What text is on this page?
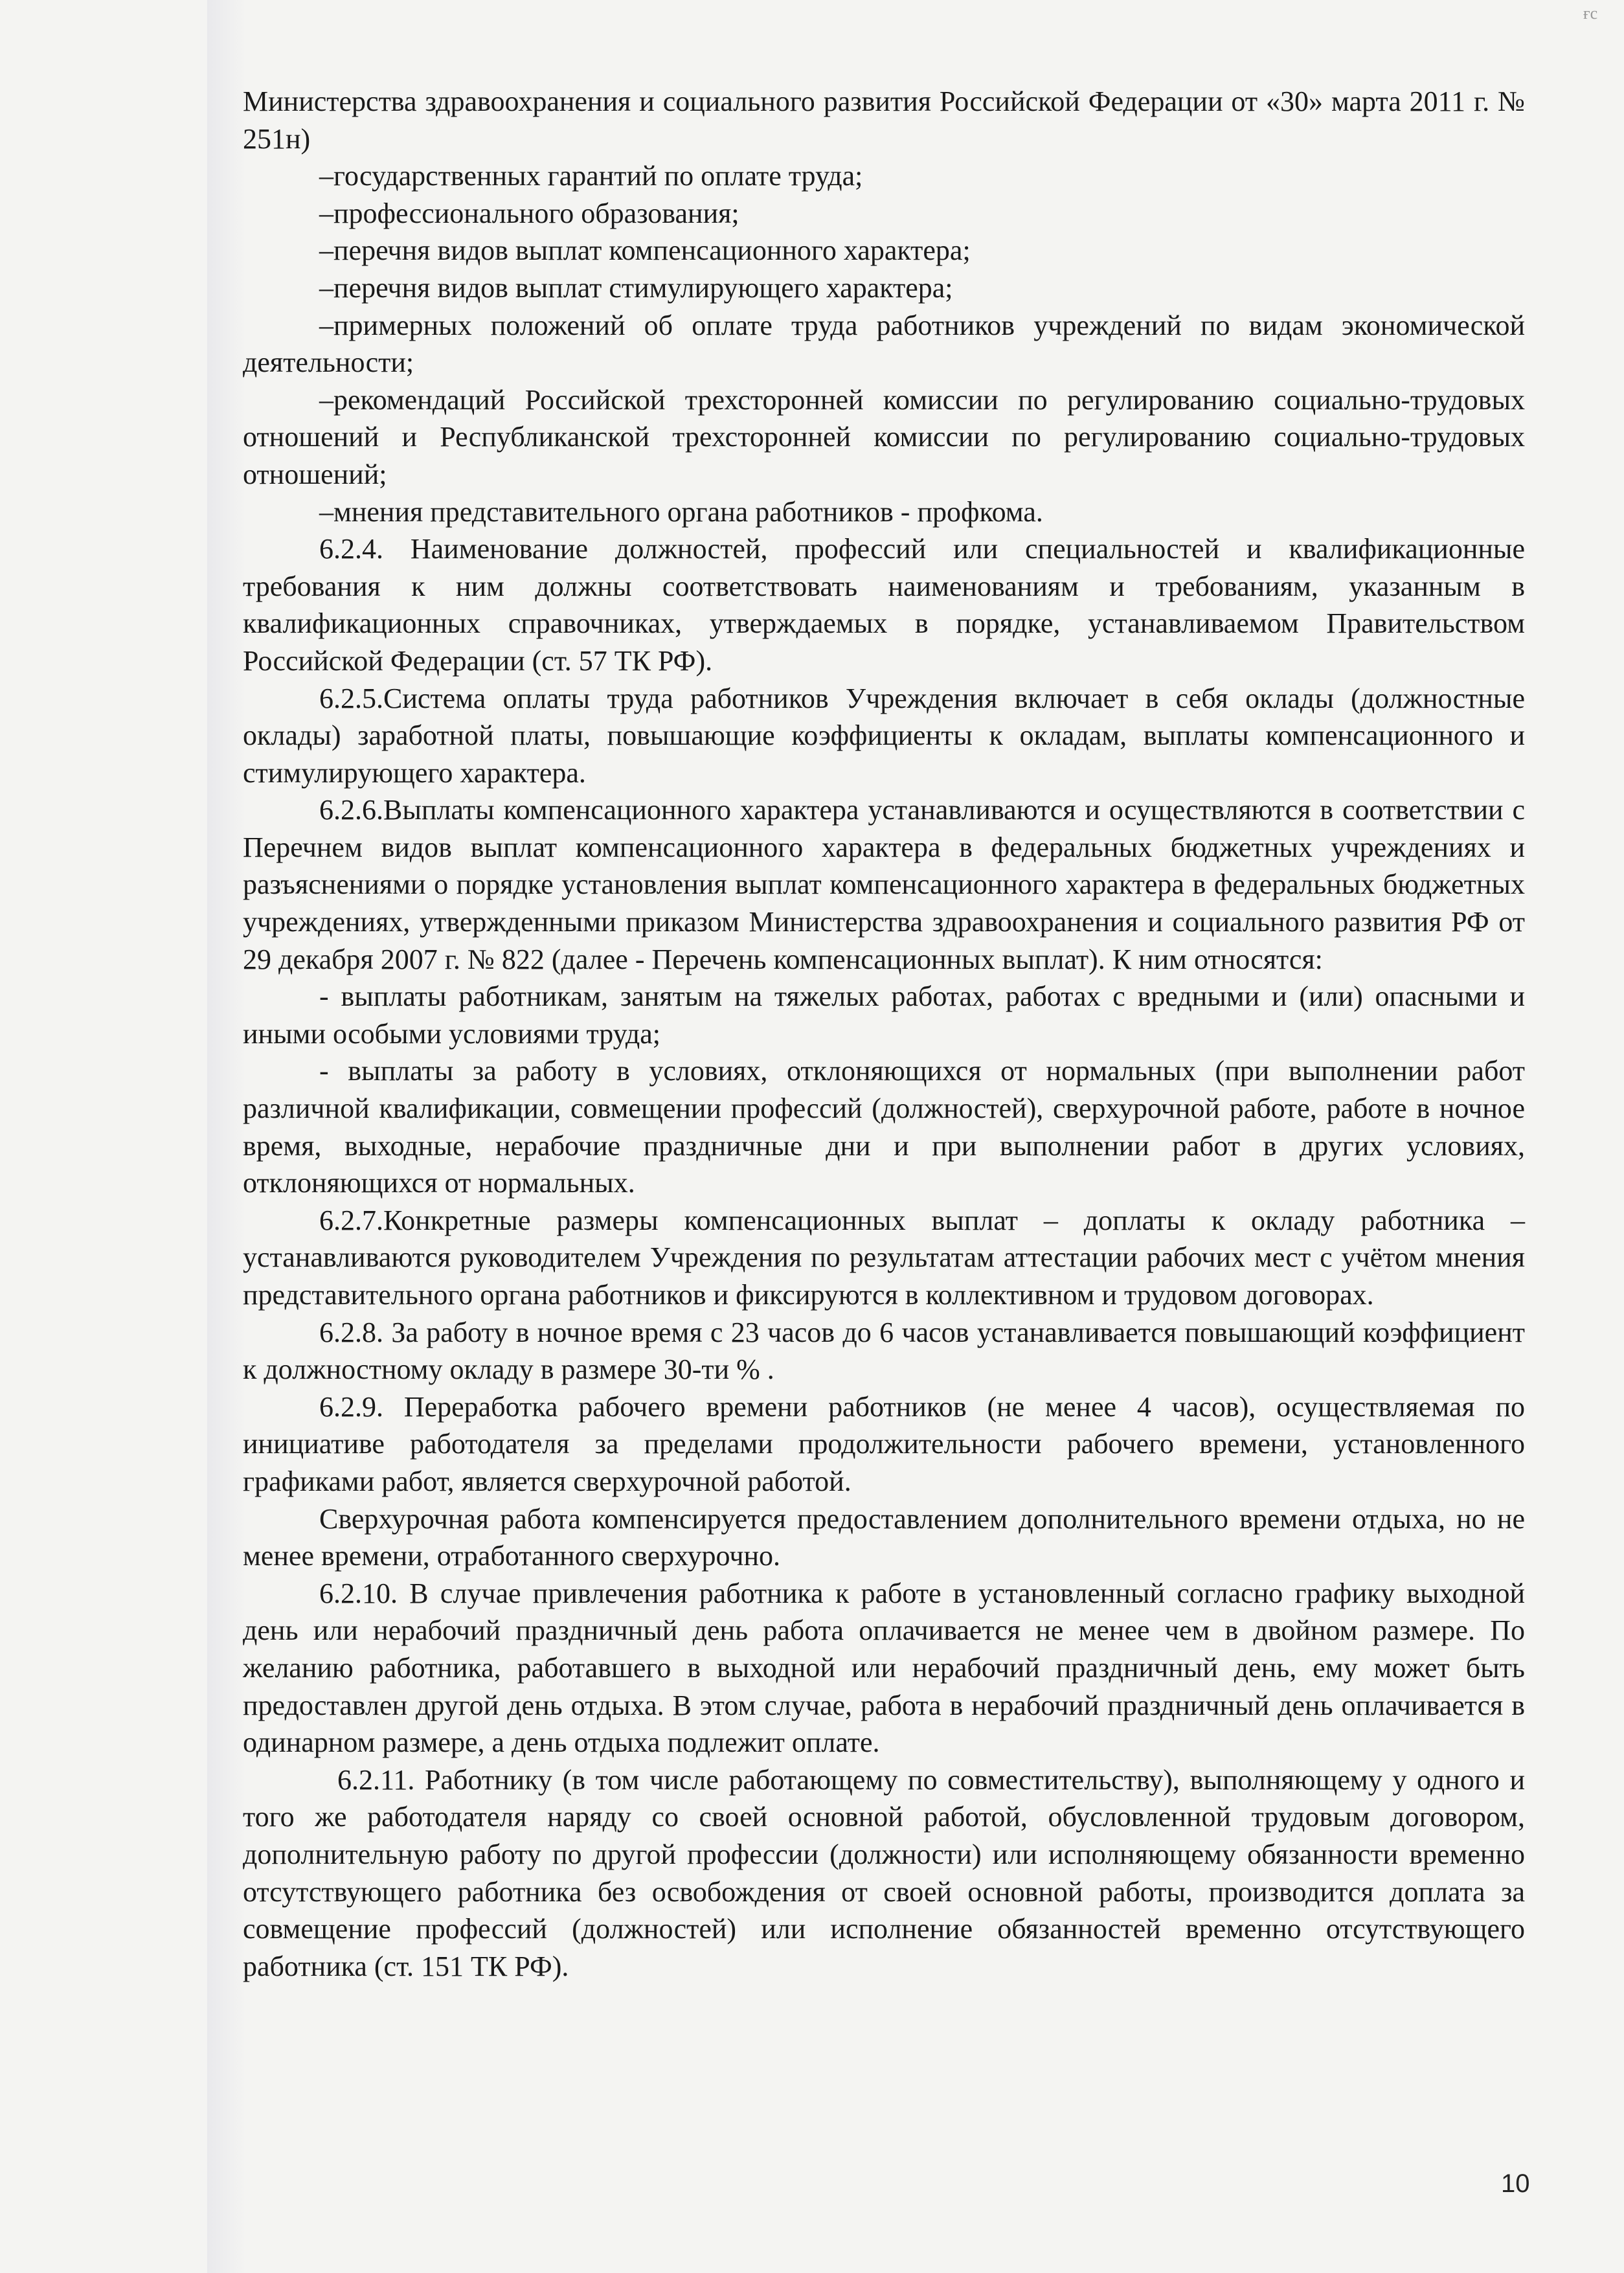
ғс

Министерства здравоохранения и социального развития Российской Федерации от «30» марта 2011 г. № 251н)

–государственных гарантий по оплате труда;

–профессионального образования;

–перечня видов выплат компенсационного характера;

–перечня видов выплат стимулирующего характера;

–примерных положений об оплате труда работников учреждений по видам экономической деятельности;

–рекомендаций Российской трехсторонней комиссии по регулированию социально-трудовых отношений и Республиканской трехсторонней комиссии по регулированию социально-трудовых отношений;

–мнения представительного органа работников - профкома.

6.2.4. Наименование должностей, профессий или специальностей и квалификационные требования к ним должны соответствовать наименованиям и требованиям, указанным в квалификационных справочниках, утверждаемых в порядке, устанавливаемом Правительством Российской Федерации (ст. 57 ТК РФ).

6.2.5.Система оплаты труда работников Учреждения включает в себя оклады (должностные оклады) заработной платы, повышающие коэффициенты к окладам, выплаты компенсационного и стимулирующего характера.

6.2.6.Выплаты компенсационного характера устанавливаются и осуществляются в соответствии с Перечнем видов выплат компенсационного характера в федеральных бюджетных учреждениях и разъяснениями о порядке установления выплат компенсационного характера в федеральных бюджетных учреждениях, утвержденными приказом Министерства здравоохранения и социального развития РФ от 29 декабря 2007 г. № 822 (далее - Перечень компенсационных выплат). К ним относятся:

- выплаты работникам, занятым на тяжелых работах, работах с вредными и (или) опасными и иными особыми условиями труда;

- выплаты за работу в условиях, отклоняющихся от нормальных (при выполнении работ различной квалификации, совмещении профессий (должностей), сверхурочной работе, работе в ночное время, выходные, нерабочие праздничные дни и при выполнении работ в других условиях, отклоняющихся от нормальных.

6.2.7.Конкретные размеры компенсационных выплат – доплаты к окладу работника – устанавливаются руководителем Учреждения по результатам аттестации рабочих мест с учётом мнения представительного органа работников и фиксируются в коллективном и трудовом договорах.

6.2.8. За работу в ночное время с 23 часов до 6 часов устанавливается повышающий коэффициент к должностному окладу в размере 30-ти % .

6.2.9. Переработка рабочего времени работников (не менее 4 часов), осуществляемая по инициативе работодателя за пределами продолжительности рабочего времени, установленного графиками работ, является сверхурочной работой.

Сверхурочная работа компенсируется предоставлением дополнительного времени отдыха, но не менее времени, отработанного сверхурочно.

6.2.10. В случае привлечения работника к работе в установленный согласно графику выходной день или нерабочий праздничный день работа оплачивается не менее чем в двойном размере. По желанию работника, работавшего в выходной или нерабочий праздничный день, ему может быть предоставлен другой день отдыха. В этом случае, работа в нерабочий праздничный день оплачивается в одинарном размере, а день отдыха подлежит оплате.

6.2.11. Работнику (в том числе работающему по совместительству), выполняющему у одного и того же работодателя наряду со своей основной работой, обусловленной трудовым договором, дополнительную работу по другой профессии (должности) или исполняющему обязанности временно отсутствующего работника без освобождения от своей основной работы, производится доплата за совмещение профессий (должностей) или исполнение обязанностей временно отсутствующего работника (ст. 151 ТК РФ).

10
